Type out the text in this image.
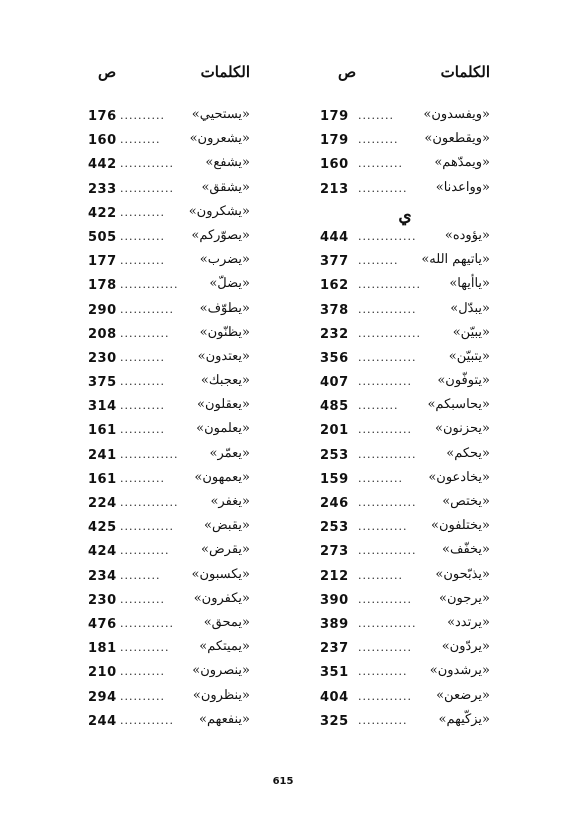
الكلمات
ص
179 ........ «ويفسدون»
179 ......... «ويقطعون»
160 .......... «ويمدّهم»
213 ........... «وواعدنا»
ي
444 ............. «يؤوده»
377 ......... «ياتيهم الله»
162 .............. «ياأيها»
378 .............	«يبدّل»
232 .............. «يبيّن»
356 ............. «يتبيّن»
407 ............ «يتوفّون»
485 ......... «يحاسبكم»
201 ............ «يحزنون»
253 ............. «يحكم»
159 .......... «يخادعون»
246 ............. «يختص»
253 ........... «يختلفون»
273 ............. «يخفّف»
212 .......... «يذبّحون»
390 ............ «يرجون»
389 ............. «يرتدد»
237 ............ «يردّون»
351 ........... «يرشدون»
404 ............ «يرضعن»
325 ........... «يزكّيهم»
الكلمات
ص
176 .......... «يستحيي»
160 ......... «يشعرون»
442 ............ «يشفع»
233 ............ «يشقق»
422 .......... «يشكرون»
505 .......... «يصوّركم»
177 ..........	«يضرب»
178 ............. «يضلّ»
290 ............ «يطوّف»
208 ........... «يظنّون»
230 ..........	«يعتدون»
375 ..........	«يعجبك»
314 .......... «يعقلون»
161 .......... «يعلمون»
241 ............. «يعمّر»
161 .......... «يعمهون»
224 ............. «يغفر»
425 ............ «يقبض»
424 ........... «يقرض»
234 ......... «يكسبون»
230 .......... «يكفرون»
476 ............ «يمحق»
181 ........... «يميتكم»
210 .......... «ينصرون»
294 .......... «ينظرون»
244 ............ «ينفعهم»
615
